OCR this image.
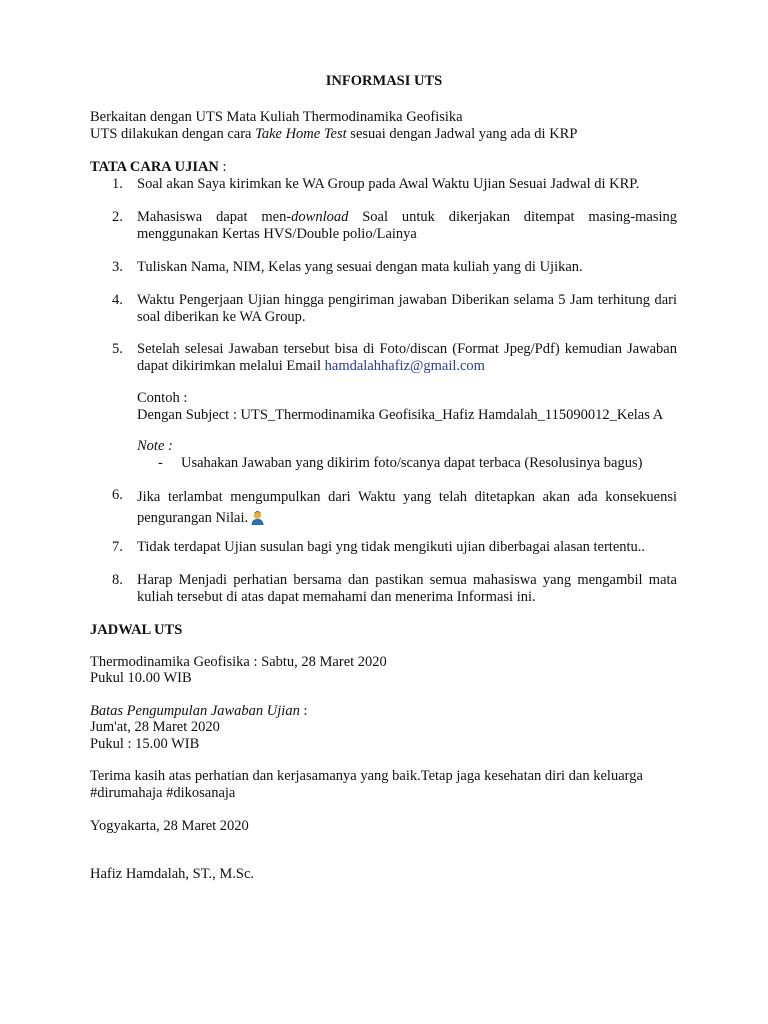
INFORMASI UTS
Berkaitan dengan UTS Mata Kuliah Thermodinamika Geofisika
UTS dilakukan dengan cara Take Home Test sesuai dengan Jadwal yang ada di KRP
TATA CARA UJIAN :
1. Soal akan Saya kirimkan ke WA Group pada Awal Waktu Ujian Sesuai Jadwal di KRP.
2. Mahasiswa dapat men-download Soal untuk dikerjakan ditempat masing-masing menggunakan Kertas HVS/Double polio/Lainya
3. Tuliskan Nama, NIM, Kelas yang sesuai dengan mata kuliah yang di Ujikan.
4. Waktu Pengerjaan Ujian hingga pengiriman jawaban Diberikan selama 5 Jam terhitung dari soal diberikan ke WA Group.
5. Setelah selesai Jawaban tersebut bisa di Foto/discan (Format Jpeg/Pdf) kemudian Jawaban dapat dikirimkan melalui Email hamdalahhafiz@gmail.com
Contoh :
Dengan Subject : UTS_Thermodinamika Geofisika_Hafiz Hamdalah_115090012_Kelas A
Note :
- Usahakan Jawaban yang dikirim foto/scanya dapat terbaca (Resolusinya bagus)
6. Jika terlambat mengumpulkan dari Waktu yang telah ditetapkan akan ada konsekuensi pengurangan Nilai.
7. Tidak terdapat Ujian susulan bagi yng tidak mengikuti ujian diberbagai alasan tertentu..
8. Harap Menjadi perhatian bersama dan pastikan semua mahasiswa yang mengambil mata kuliah tersebut di atas dapat memahami dan menerima Informasi ini.
JADWAL UTS
Thermodinamika Geofisika : Sabtu, 28 Maret 2020
Pukul 10.00 WIB
Batas Pengumpulan Jawaban Ujian :
Jum'at, 28 Maret 2020
Pukul : 15.00 WIB
Terima kasih atas perhatian dan kerjasamanya yang baik.Tetap jaga kesehatan diri dan keluarga
#dirumahaja #dikosanaja
Yogyakarta, 28 Maret 2020
Hafiz Hamdalah, ST., M.Sc.
